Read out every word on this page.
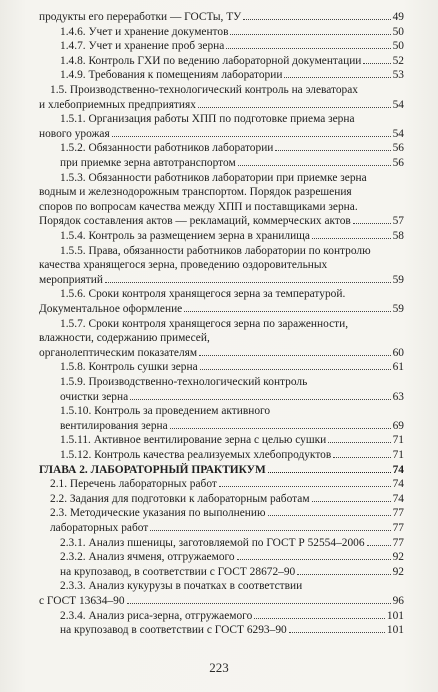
223
продукты его переработки — ГОСТы, ТУ	49
1.4.6. Учет и хранение документов	50
1.4.7. Учет и хранение проб зерна	50
1.4.8. Контроль ГХИ по ведению лабораторной документации	52
1.4.9. Требования к помещениям лаборатории	53
1.5. Производственно-технологический контроль на элеваторах
и хлебоприемных предприятиях	54
1.5.1. Организация работы ХПП по подготовке приема зерна
нового урожая	54
1.5.2. Обязанности работников лаборатории	56
при приемке зерна автотранспортом	56
1.5.3. Обязанности работников лаборатории при приемке зерна
водным и железнодорожным транспортом. Порядок разрешения
споров по вопросам качества между ХПП и поставщиками зерна.
Порядок составления актов — рекламаций, коммерческих актов	57
1.5.4. Контроль за размещением зерна в хранилища	58
1.5.5. Права, обязанности работников лаборатории по контролю
качества хранящегося зерна, проведению оздоровительных
мероприятий	59
1.5.6. Сроки контроля хранящегося зерна за температурой.
Документальное оформление	59
1.5.7. Сроки контроля хранящегося зерна по зараженности,
влажности, содержанию примесей,
органолептическим показателям	60
1.5.8. Контроль сушки зерна	61
1.5.9. Производственно-технологический контроль
очистки зерна	63
1.5.10. Контроль за проведением активного
вентилирования зерна	69
1.5.11. Активное вентилирование зерна с целью сушки	71
1.5.12. Контроль качества реализуемых хлебопродуктов	71
ГЛАВА 2. ЛАБОРАТОРНЫЙ ПРАКТИКУМ	74
2.1. Перечень лабораторных работ	74
2.2. Задания для подготовки к лабораторным работам	74
2.3. Методические указания по выполнению	77
лабораторных работ	77
2.3.1. Анализ пшеницы, заготовляемой по ГОСТ Р 52554–2006 77
2.3.2. Анализ ячменя, отгружаемого	92
на крупозавод, в соответствии с ГОСТ 28672–90	92
2.3.3. Анализ кукурузы в початках в соответствии
с ГОСТ 13634–90	96
2.3.4. Анализ риса-зерна, отгружаемого	101
на крупозавод в соответствии с ГОСТ 6293–90	101
